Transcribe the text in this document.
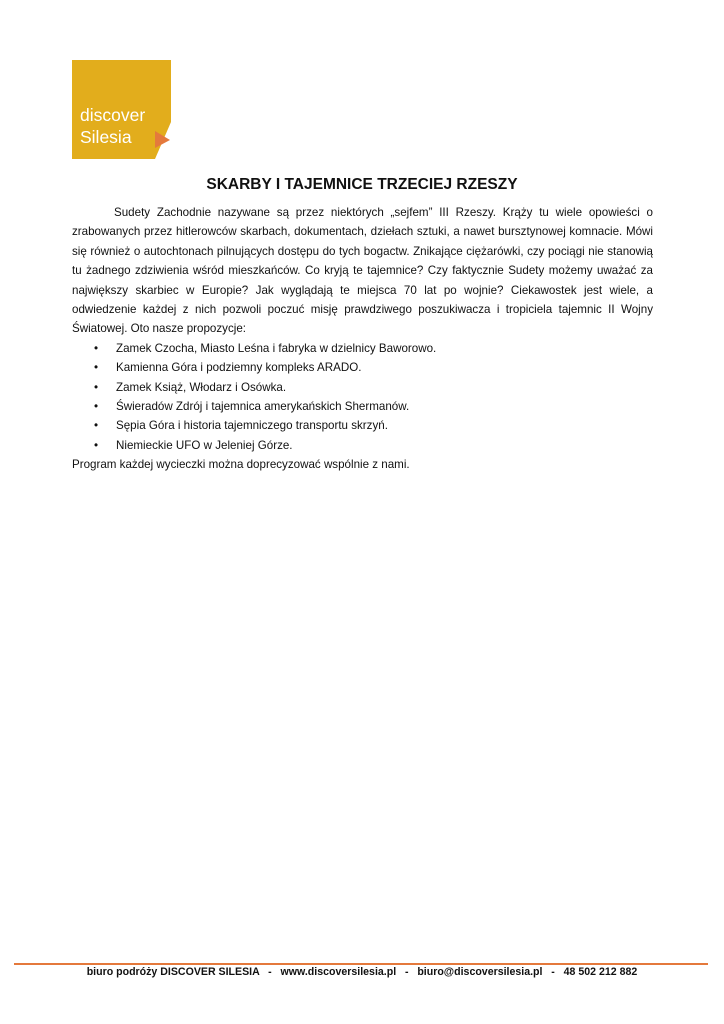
discover
Silesia
SKARBY I TAJEMNICE TRZECIEJ RZESZY

Sudety Zachodnie nazywane są przez niektórych „sejfem” III Rzeszy. Krąży tu wiele opowieści o zrabowanych przez hitlerowców skarbach, dokumentach, dziełach sztuki, a nawet bursztynowej komnacie. Mówi się również o autochtonach pilnujących dostępu do tych bogactw. Znikające ciężarówki, czy pociągi nie stanowią tu żadnego zdziwienia wśród mieszkańców. Co kryją te tajemnice? Czy faktycznie Sudety możemy uważać za największy skarbiec w Europie? Jak wyglądają te miejsca 70 lat po wojnie? Ciekawostek jest wiele, a odwiedzenie każdej z nich pozwoli poczuć misję prawdziwego poszukiwacza i tropiciela tajemnic II Wojny Światowej. Oto nasze propozycje:

• Zamek Czocha, Miasto Leśna i fabryka w dzielnicy Baworowo.
• Kamienna Góra i podziemny kompleks ARADO.
• Zamek Książ, Włodarz i Osówka.
• Świeradów Zdrój i tajemnica amerykańskich Shermanów.
• Sępia Góra i historia tajemniczego transportu skrzyń.
• Niemieckie UFO w Jeleniej Górze.

Program każdej wycieczki można doprecyzować wspólnie z nami.

biuro podróży DISCOVER SILESIA   -   www.discoversilesia.pl   -   biuro@discoversilesia.pl   -   48 502 212 882
